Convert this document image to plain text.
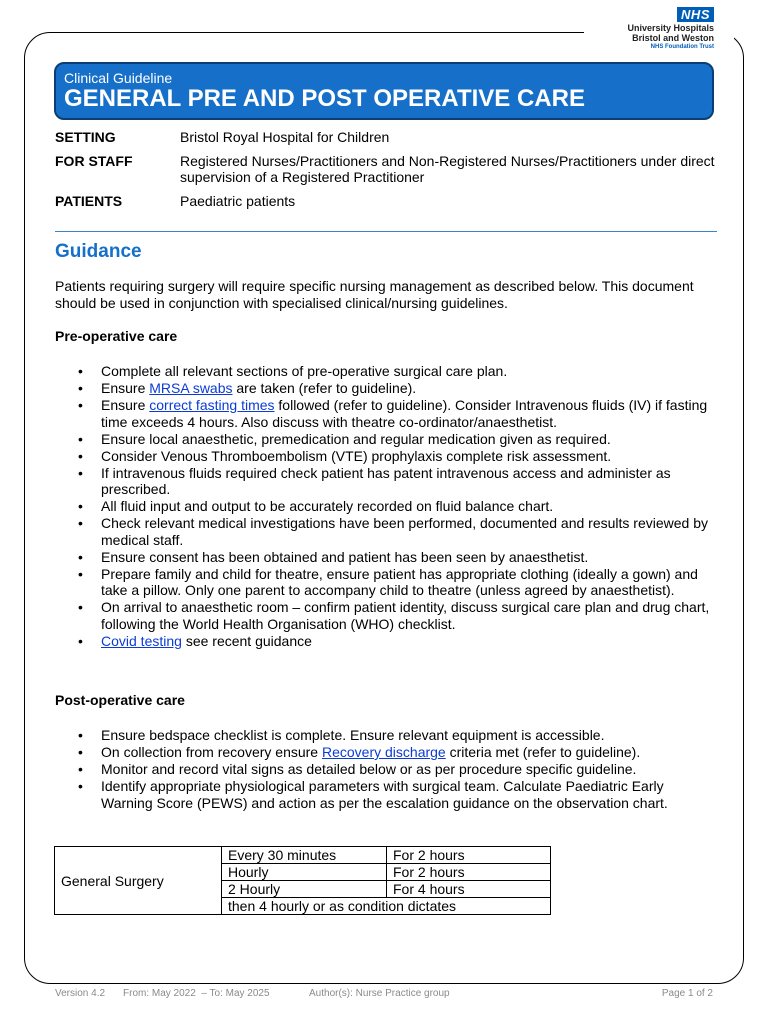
NHS
University Hospitals
Bristol and Weston
NHS Foundation Trust
Clinical Guideline
GENERAL PRE AND POST OPERATIVE CARE
SETTING	Bristol Royal Hospital for Children
FOR STAFF	Registered Nurses/Practitioners and Non-Registered Nurses/Practitioners under direct supervision of a Registered Practitioner
PATIENTS	Paediatric patients
Guidance
Patients requiring surgery will require specific nursing management as described below. This document should be used in conjunction with specialised clinical/nursing guidelines.
Pre-operative care
• Complete all relevant sections of pre-operative surgical care plan.
• Ensure MRSA swabs are taken (refer to guideline).
• Ensure correct fasting times followed (refer to guideline). Consider Intravenous fluids (IV) if fasting time exceeds 4 hours. Also discuss with theatre co-ordinator/anaesthetist.
• Ensure local anaesthetic, premedication and regular medication given as required.
• Consider Venous Thromboembolism (VTE) prophylaxis complete risk assessment.
• If intravenous fluids required check patient has patent intravenous access and administer as prescribed.
• All fluid input and output to be accurately recorded on fluid balance chart.
• Check relevant medical investigations have been performed, documented and results reviewed by medical staff.
• Ensure consent has been obtained and patient has been seen by anaesthetist.
• Prepare family and child for theatre, ensure patient has appropriate clothing (ideally a gown) and take a pillow. Only one parent to accompany child to theatre (unless agreed by anaesthetist).
• On arrival to anaesthetic room – confirm patient identity, discuss surgical care plan and drug chart, following the World Health Organisation (WHO) checklist.
• Covid testing see recent guidance
Post-operative care
• Ensure bedspace checklist is complete. Ensure relevant equipment is accessible.
• On collection from recovery ensure Recovery discharge criteria met (refer to guideline).
• Monitor and record vital signs as detailed below or as per procedure specific guideline.
• Identify appropriate physiological parameters with surgical team. Calculate Paediatric Early Warning Score (PEWS) and action as per the escalation guidance on the observation chart.
General Surgery	Every 30 minutes	For 2 hours
	Hourly	For 2 hours
	2 Hourly	For 4 hours
	then 4 hourly or as condition dictates	
Version 4.2 From: May 2022  – To: May 2025	Author(s): Nurse Practice group	Page 1 of 2
